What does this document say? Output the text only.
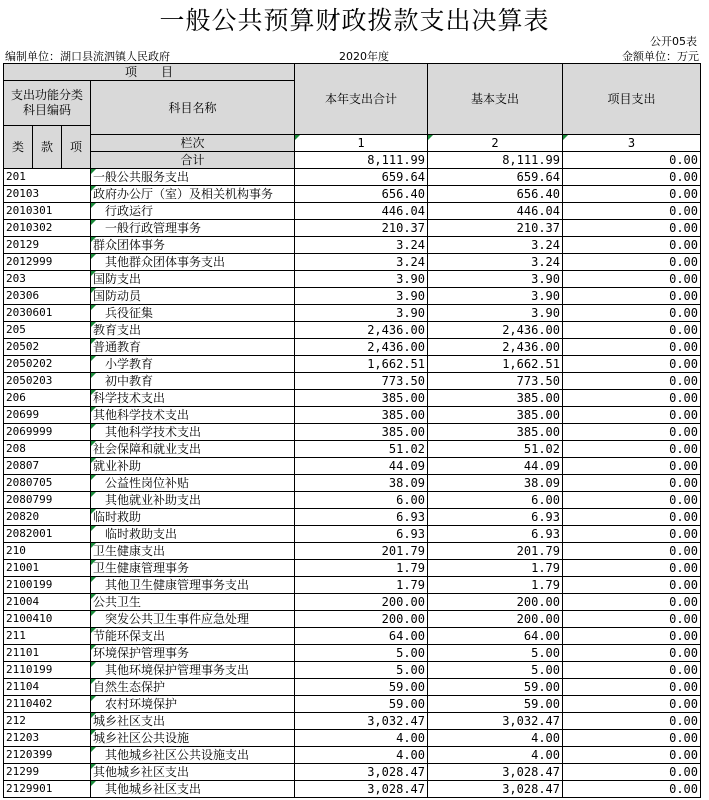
一般公共预算财政拨款支出决算表
公开05表
编制单位：湖口县流泗镇人民政府	2020年度	金额单位：万元
项　　目				本年支出合计	基本支出	项目支出
支出功能分类
科目编码			科目名称			
类	款	项				
			栏次	1	2	3
			合计	8,111.99	8,111.99	0.00
201			一般公共服务支出	659.64	659.64	0.00
20103			政府办公厅（室）及相关机构事务	656.40	656.40	0.00
2010301			　行政运行	446.04	446.04	0.00
2010302			　一般行政管理事务	210.37	210.37	0.00
20129			群众团体事务	3.24	3.24	0.00
2012999			　其他群众团体事务支出	3.24	3.24	0.00
203			国防支出	3.90	3.90	0.00
20306			国防动员	3.90	3.90	0.00
2030601			　兵役征集	3.90	3.90	0.00
205			教育支出	2,436.00	2,436.00	0.00
20502			普通教育	2,436.00	2,436.00	0.00
2050202			　小学教育	1,662.51	1,662.51	0.00
2050203			　初中教育	773.50	773.50	0.00
206			科学技术支出	385.00	385.00	0.00
20699			其他科学技术支出	385.00	385.00	0.00
2069999			　其他科学技术支出	385.00	385.00	0.00
208			社会保障和就业支出	51.02	51.02	0.00
20807			就业补助	44.09	44.09	0.00
2080705			　公益性岗位补贴	38.09	38.09	0.00
2080799			　其他就业补助支出	6.00	6.00	0.00
20820			临时救助	6.93	6.93	0.00
2082001			　临时救助支出	6.93	6.93	0.00
210			卫生健康支出	201.79	201.79	0.00
21001			卫生健康管理事务	1.79	1.79	0.00
2100199			　其他卫生健康管理事务支出	1.79	1.79	0.00
21004			公共卫生	200.00	200.00	0.00
2100410			　突发公共卫生事件应急处理	200.00	200.00	0.00
211			节能环保支出	64.00	64.00	0.00
21101			环境保护管理事务	5.00	5.00	0.00
2110199			　其他环境保护管理事务支出	5.00	5.00	0.00
21104			自然生态保护	59.00	59.00	0.00
2110402			　农村环境保护	59.00	59.00	0.00
212			城乡社区支出	3,032.47	3,032.47	0.00
21203			城乡社区公共设施	4.00	4.00	0.00
2120399			　其他城乡社区公共设施支出	4.00	4.00	0.00
21299			其他城乡社区支出	3,028.47	3,028.47	0.00
2129901			　其他城乡社区支出	3,028.47	3,028.47	0.00
